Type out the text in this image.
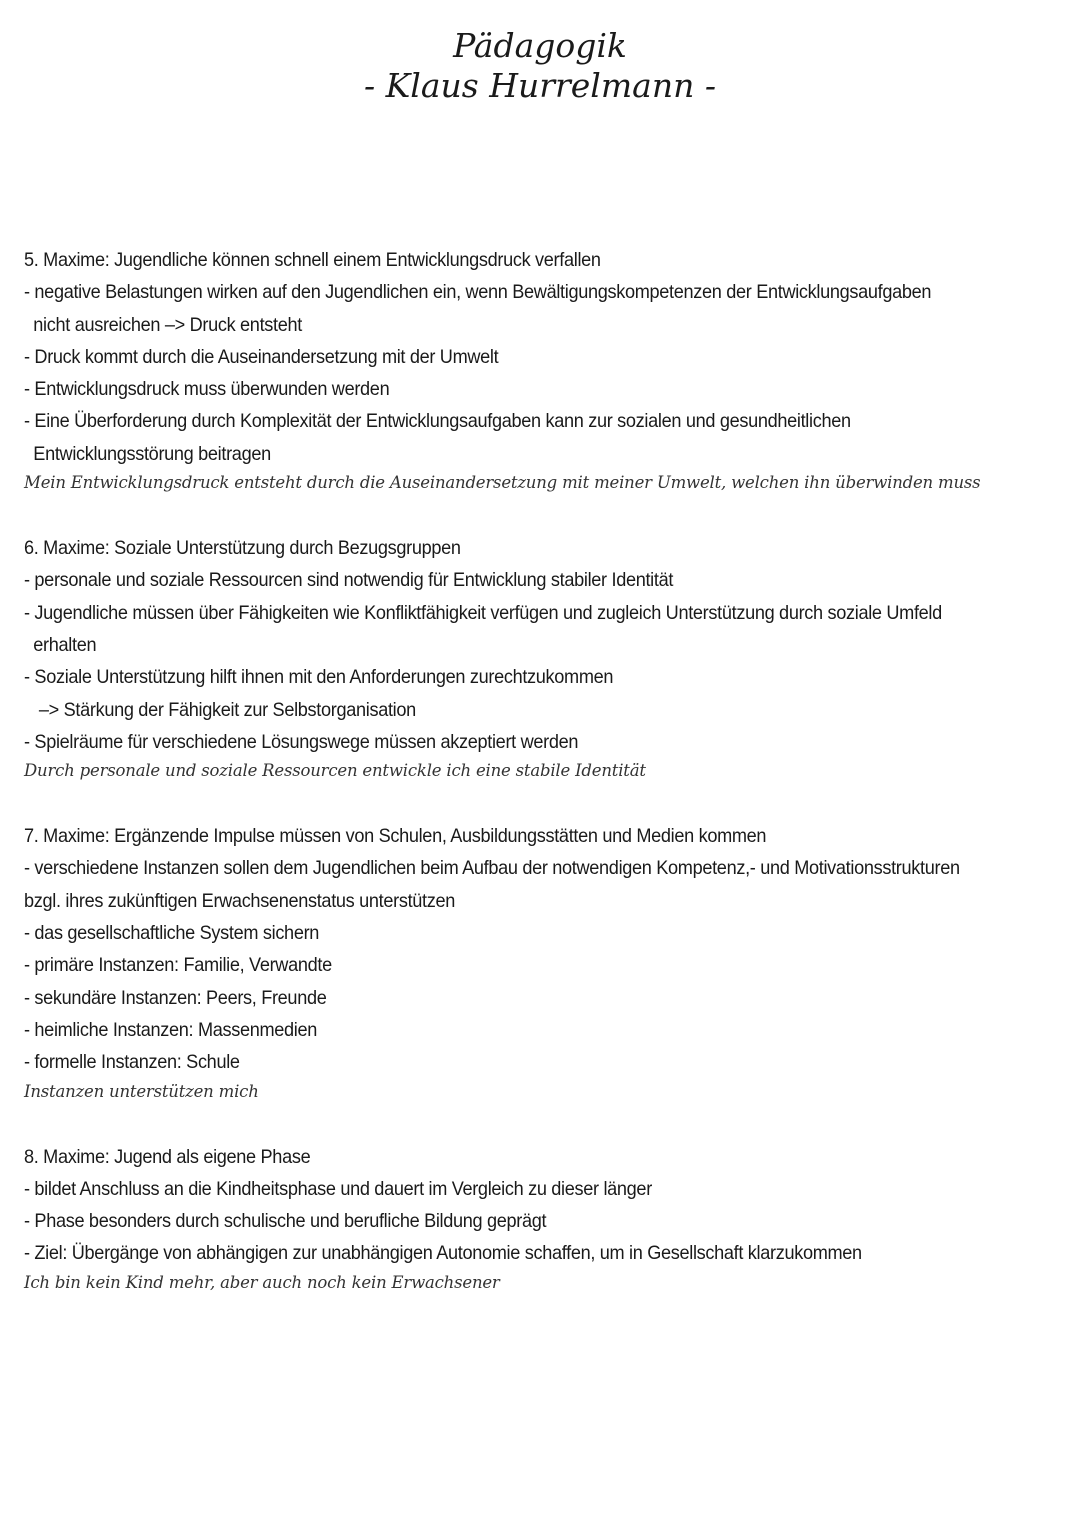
Pädagogik
- Klaus Hurrelmann -
5. Maxime: Jugendliche können schnell einem Entwicklungsdruck verfallen
- negative Belastungen wirken auf den Jugendlichen ein, wenn Bewältigungskompetenzen der Entwicklungsaufgaben
nicht ausreichen –> Druck entsteht
- Druck kommt durch die Auseinandersetzung mit der Umwelt
- Entwicklungsdruck muss überwunden werden
- Eine Überforderung durch Komplexität der Entwicklungsaufgaben kann zur sozialen und gesundheitlichen
Entwicklungsstörung beitragen
Mein Entwicklungsdruck entsteht durch die Auseinandersetzung mit meiner Umwelt, welchen ihn überwinden muss
6. Maxime: Soziale Unterstützung durch Bezugsgruppen
- personale und soziale Ressourcen sind notwendig für Entwicklung stabiler Identität
- Jugendliche müssen über Fähigkeiten wie Konfliktfähigkeit verfügen und zugleich Unterstützung durch soziale Umfeld
erhalten
- Soziale Unterstützung hilft ihnen mit den Anforderungen zurechtzukommen
–> Stärkung der Fähigkeit zur Selbstorganisation
- Spielräume für verschiedene Lösungswege müssen akzeptiert werden
Durch personale und soziale Ressourcen entwickle ich eine stabile Identität
7. Maxime: Ergänzende Impulse müssen von Schulen, Ausbildungsstätten und Medien kommen
- verschiedene Instanzen sollen dem Jugendlichen beim Aufbau der notwendigen Kompetenz,- und Motivationsstrukturen
bzgl. ihres zukünftigen Erwachsenenstatus unterstützen
- das gesellschaftliche System sichern
- primäre Instanzen: Familie, Verwandte
- sekundäre Instanzen: Peers, Freunde
- heimliche Instanzen: Massenmedien
- formelle Instanzen: Schule
Instanzen unterstützen mich
8. Maxime: Jugend als eigene Phase
- bildet Anschluss an die Kindheitsphase und dauert im Vergleich zu dieser länger
- Phase besonders durch schulische und berufliche Bildung geprägt
- Ziel: Übergänge von abhängigen zur unabhängigen Autonomie schaffen, um in Gesellschaft klarzukommen
Ich bin kein Kind mehr, aber auch noch kein Erwachsener
